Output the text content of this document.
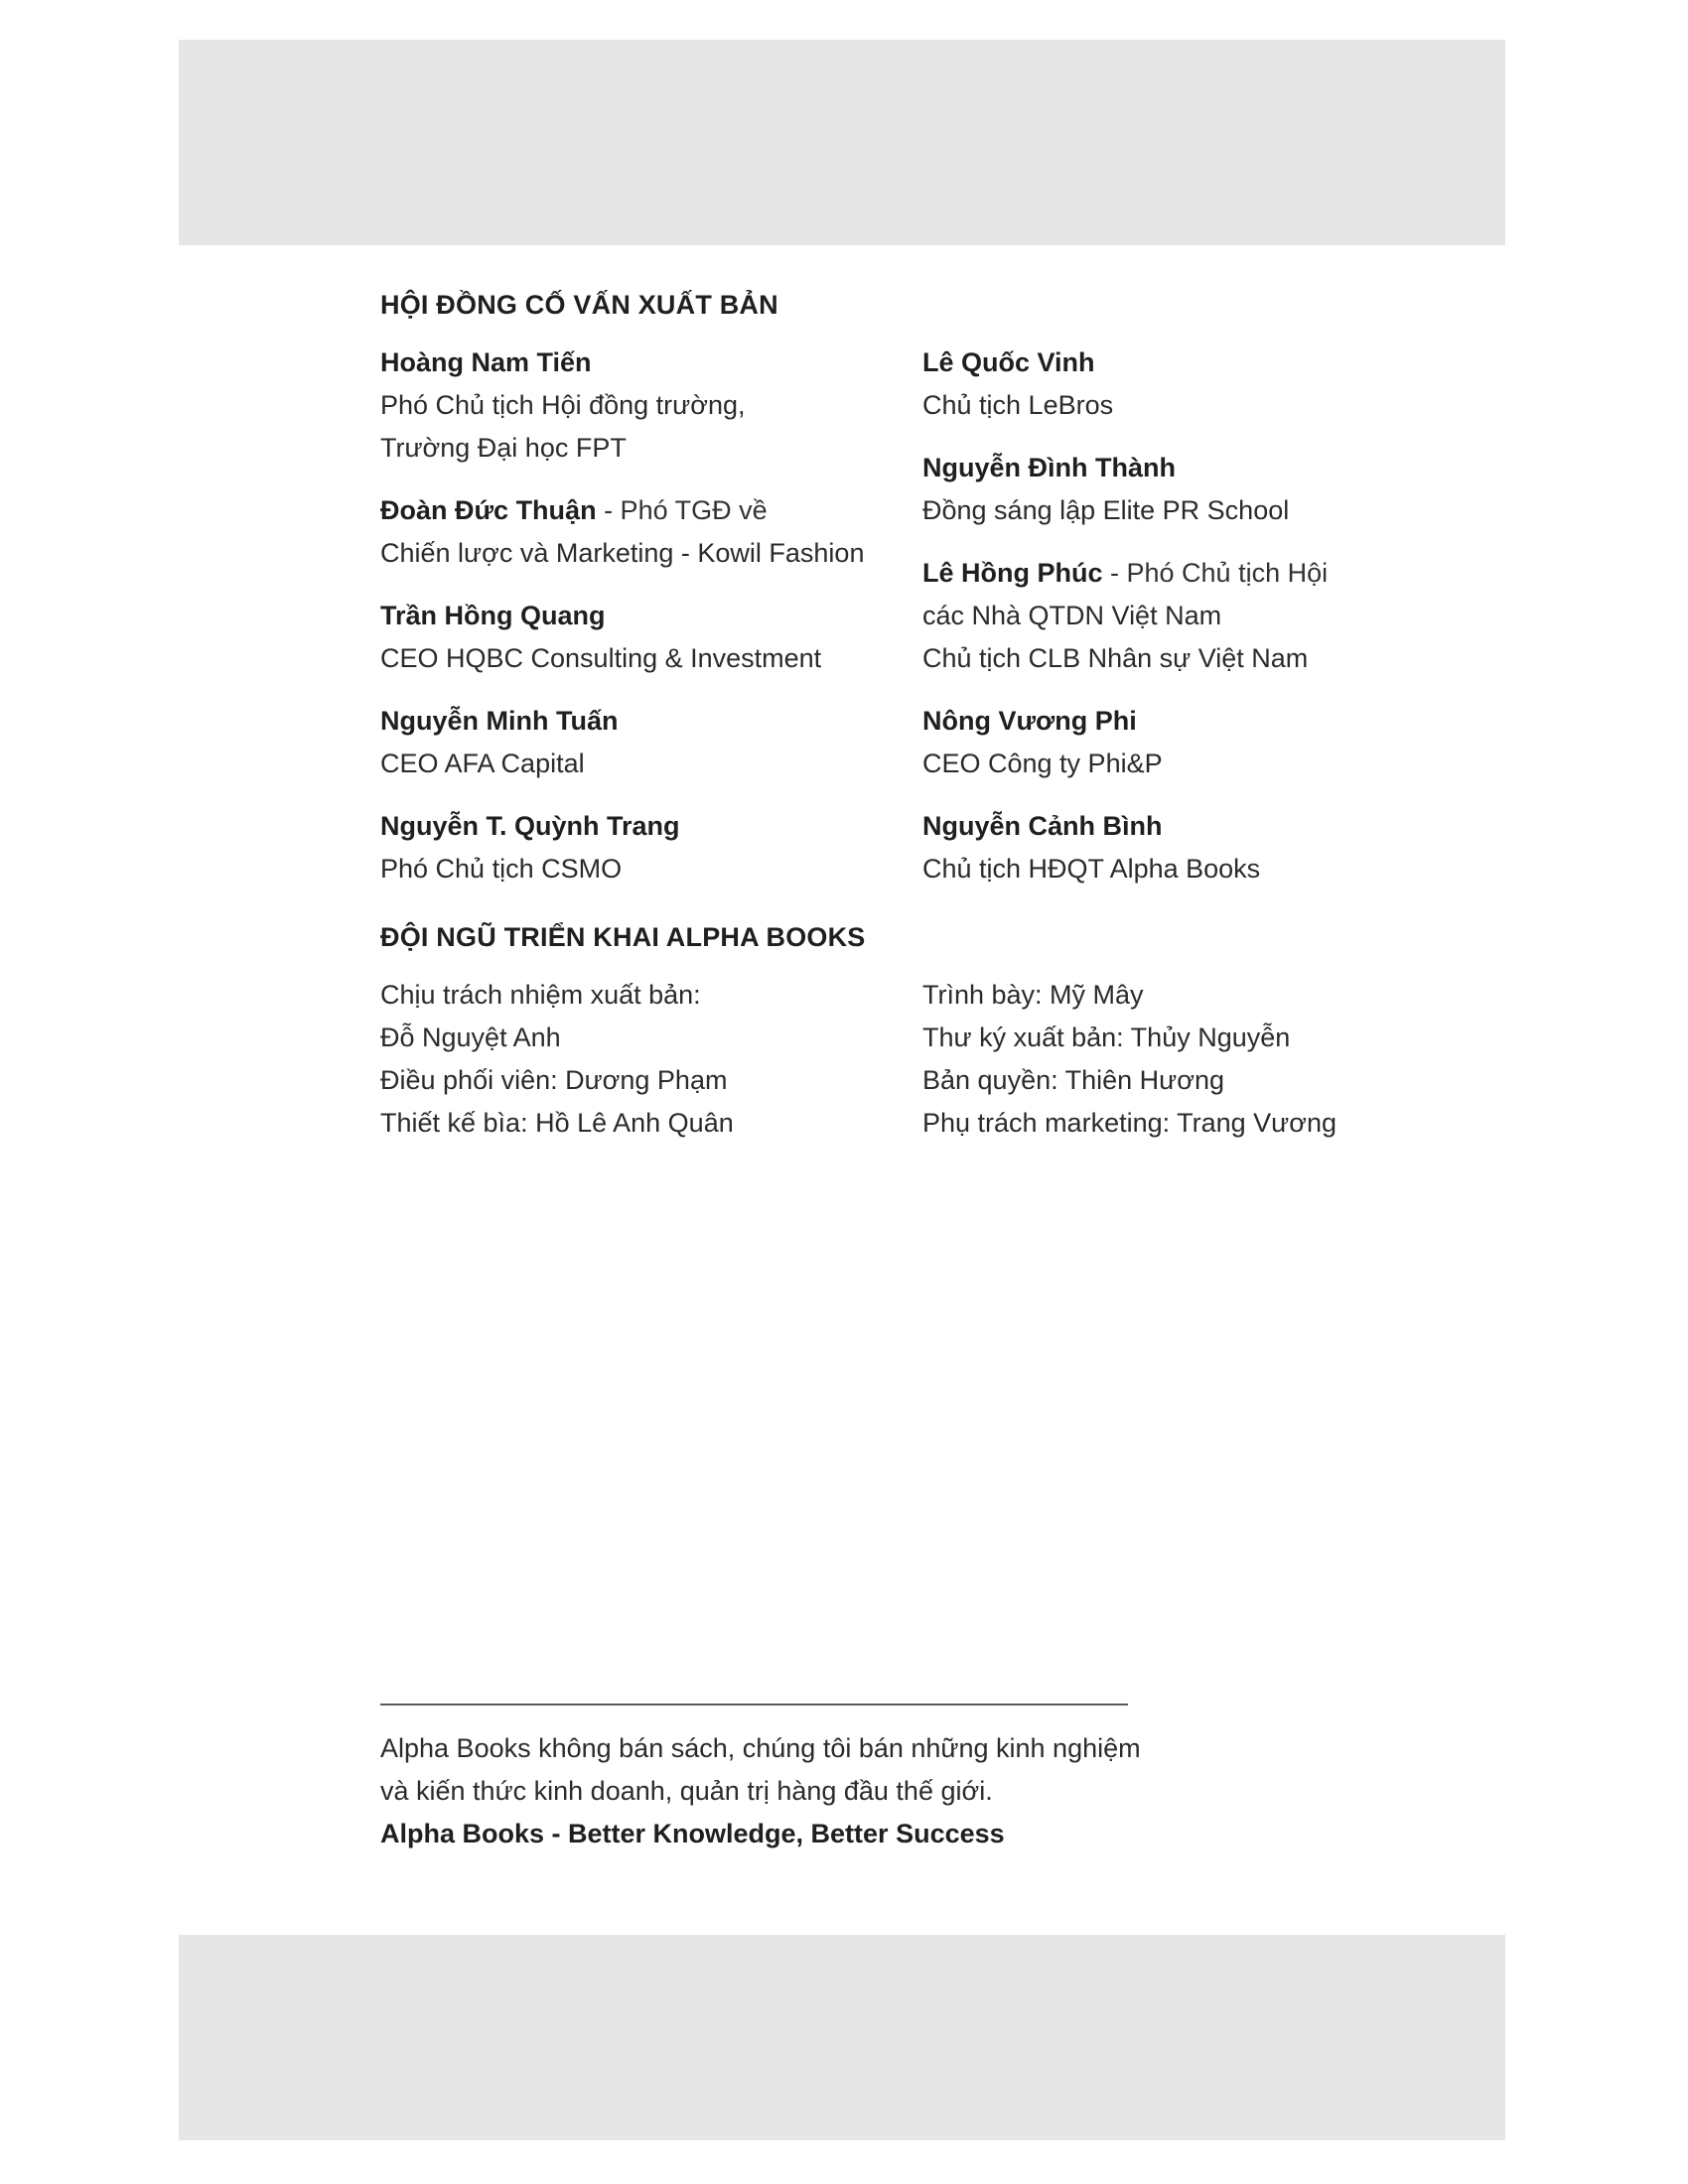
HỘI ĐỒNG CỐ VẤN XUẤT BẢN
Hoàng Nam Tiến
Phó Chủ tịch Hội đồng trường,
Trường Đại học FPT
Đoàn Đức Thuận - Phó TGĐ về
Chiến lược và Marketing - Kowil Fashion
Trần Hồng Quang
CEO HQBC Consulting & Investment
Nguyễn Minh Tuấn
CEO AFA Capital
Nguyễn T. Quỳnh Trang
Phó Chủ tịch CSMO
Lê Quốc Vinh
Chủ tịch LeBros
Nguyễn Đình Thành
Đồng sáng lập Elite PR School
Lê Hồng Phúc - Phó Chủ tịch Hội
các Nhà QTDN Việt Nam
Chủ tịch CLB Nhân sự Việt Nam
Nông Vương Phi
CEO Công ty Phi&P
Nguyễn Cảnh Bình
Chủ tịch HĐQT Alpha Books
ĐỘI NGŨ TRIỂN KHAI ALPHA BOOKS
Chịu trách nhiệm xuất bản:
Đỗ Nguyệt Anh
Điều phối viên: Dương Phạm
Thiết kế bìa: Hồ Lê Anh Quân
Trình bày: Mỹ Mây
Thư ký xuất bản: Thủy Nguyễn
Bản quyền: Thiên Hương
Phụ trách marketing: Trang Vương
Alpha Books không bán sách, chúng tôi bán những kinh nghiệm
và kiến thức kinh doanh, quản trị hàng đầu thế giới.
Alpha Books - Better Knowledge, Better Success
